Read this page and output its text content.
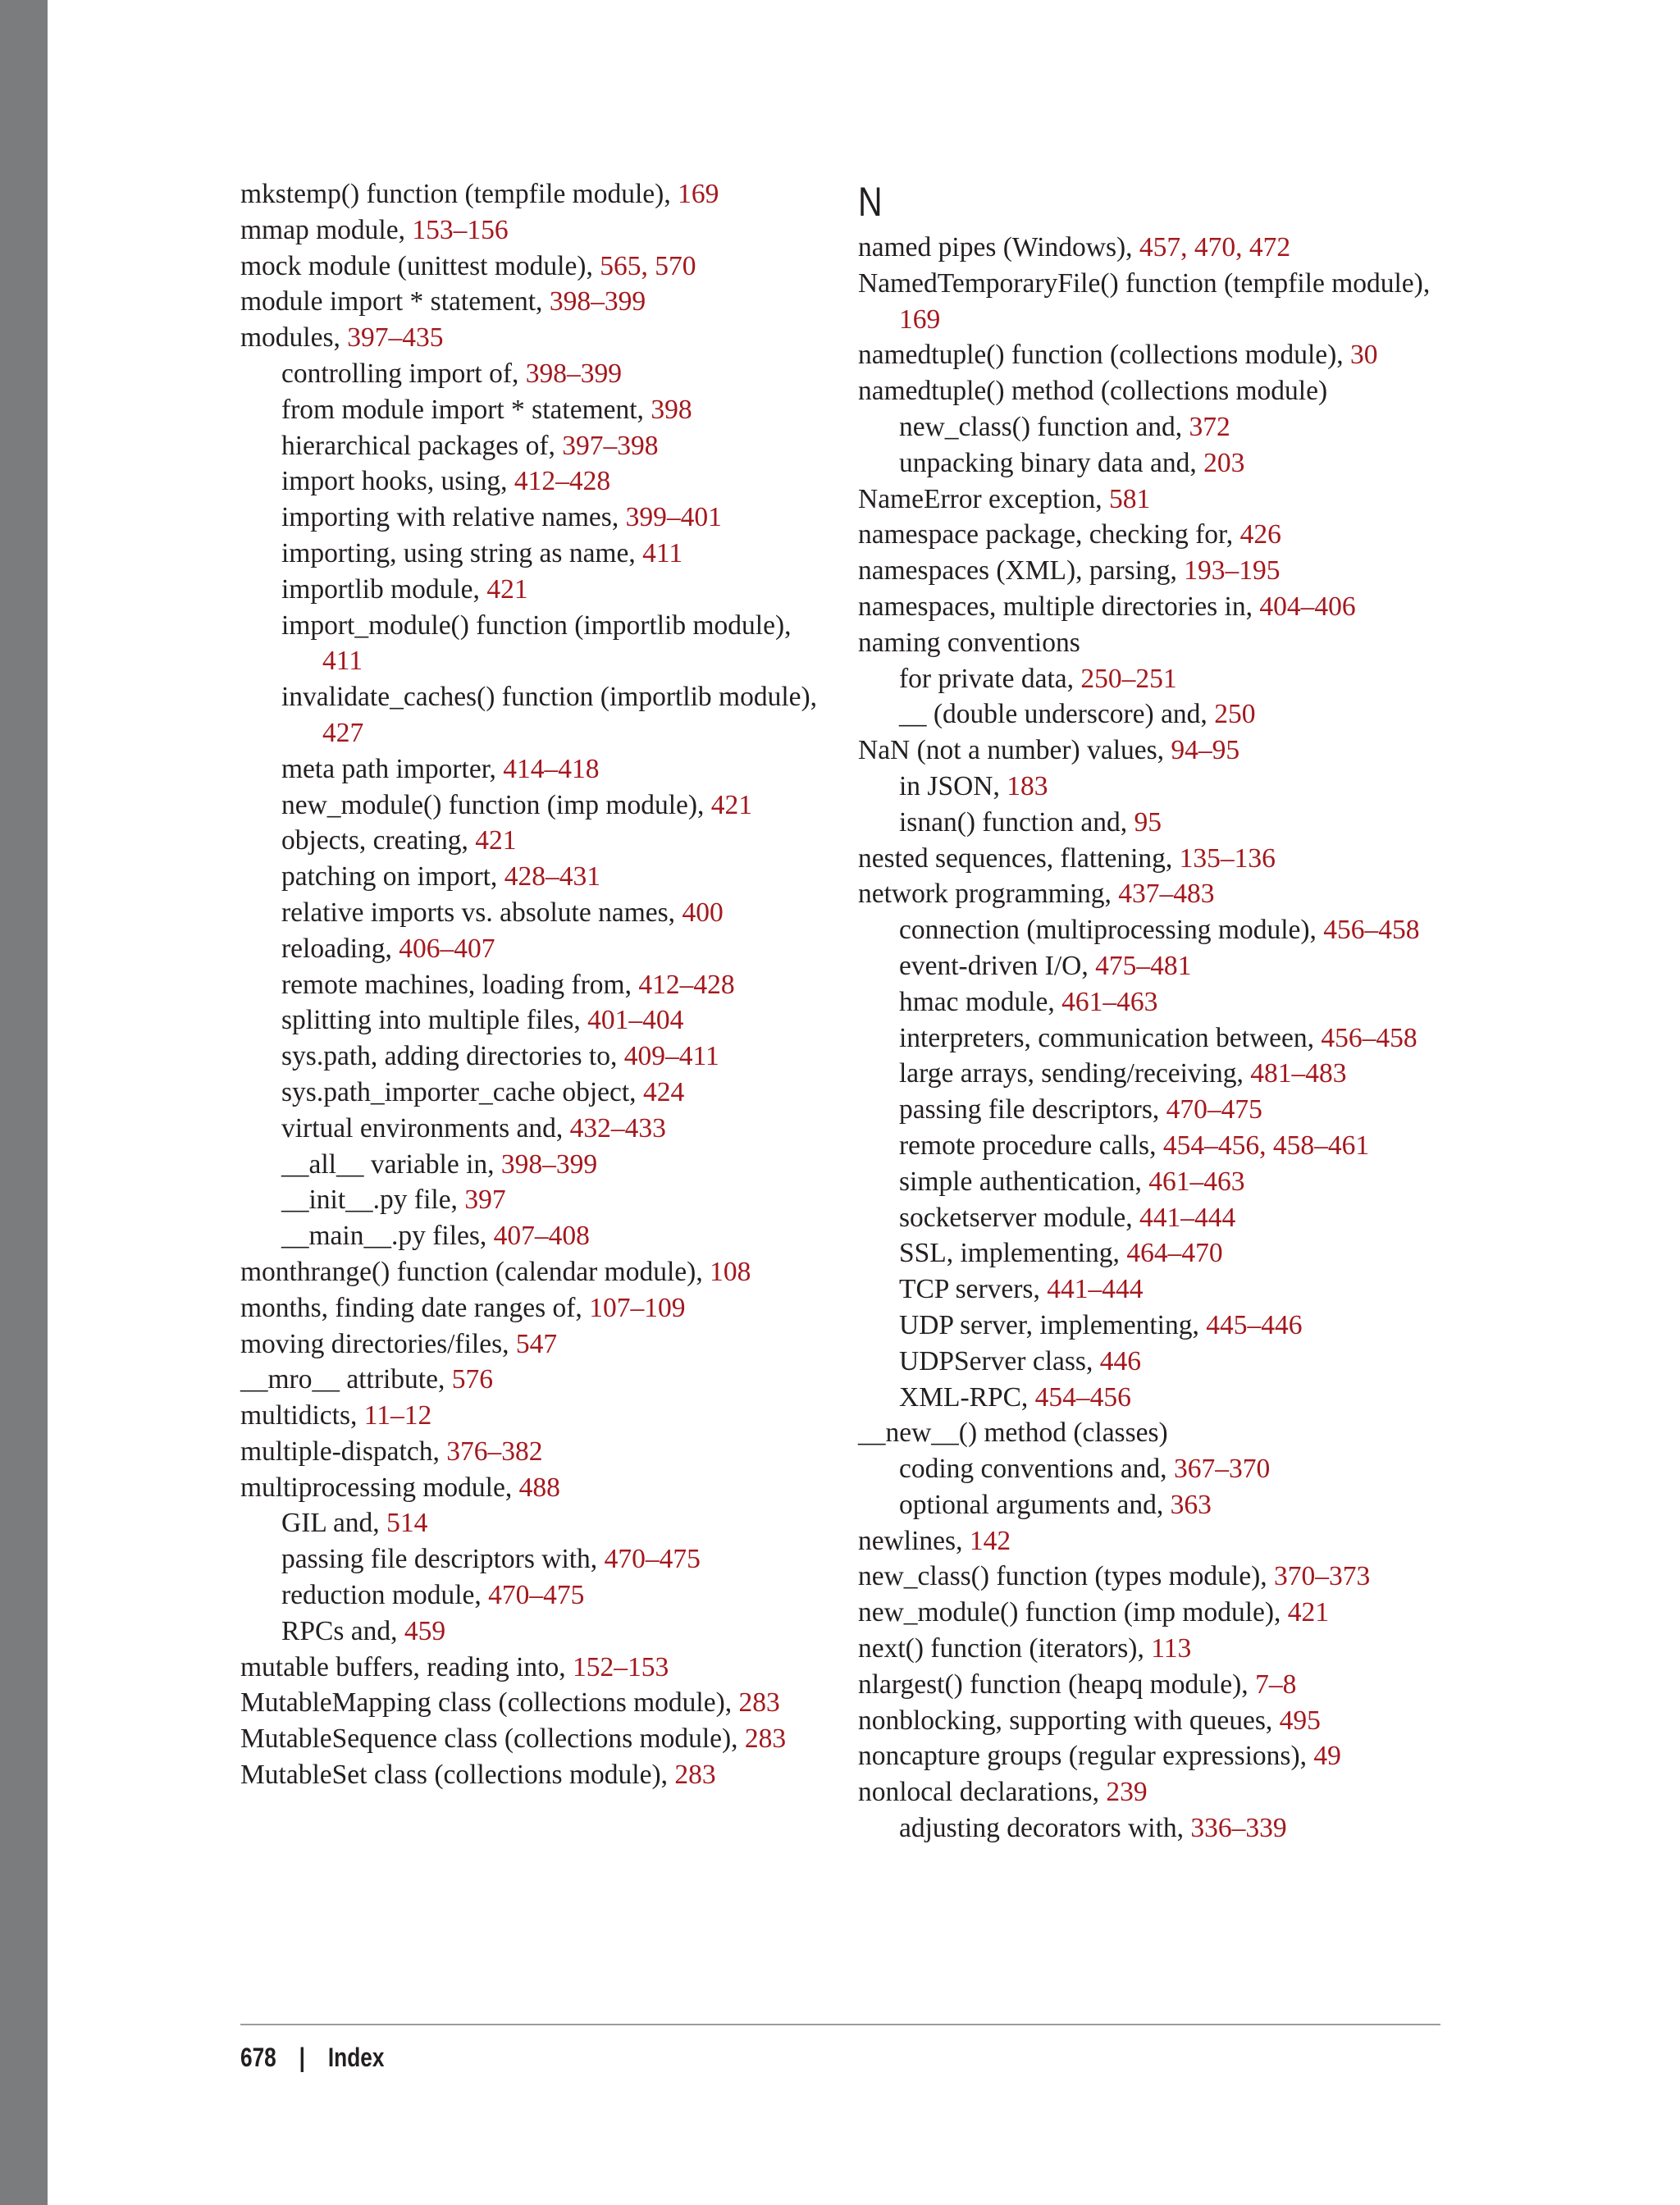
mkstemp() function (tempfile module), 169
mmap module, 153–156
mock module (unittest module), 565, 570
module import * statement, 398–399
modules, 397–435
controlling import of, 398–399
from module import * statement, 398
hierarchical packages of, 397–398
import hooks, using, 412–428
importing with relative names, 399–401
importing, using string as name, 411
importlib module, 421
import_module() function (importlib module), 411
invalidate_caches() function (importlib module), 427
meta path importer, 414–418
new_module() function (imp module), 421
objects, creating, 421
patching on import, 428–431
relative imports vs. absolute names, 400
reloading, 406–407
remote machines, loading from, 412–428
splitting into multiple files, 401–404
sys.path, adding directories to, 409–411
sys.path_importer_cache object, 424
virtual environments and, 432–433
__all__ variable in, 398–399
__init__.py file, 397
__main__.py files, 407–408
monthrange() function (calendar module), 108
months, finding date ranges of, 107–109
moving directories/files, 547
__mro__ attribute, 576
multidicts, 11–12
multiple-dispatch, 376–382
multiprocessing module, 488
GIL and, 514
passing file descriptors with, 470–475
reduction module, 470–475
RPCs and, 459
mutable buffers, reading into, 152–153
MutableMapping class (collections module), 283
MutableSequence class (collections module), 283
MutableSet class (collections module), 283
N
named pipes (Windows), 457, 470, 472
NamedTemporaryFile() function (tempfile module), 169
namedtuple() function (collections module), 30
namedtuple() method (collections module)
new_class() function and, 372
unpacking binary data and, 203
NameError exception, 581
namespace package, checking for, 426
namespaces (XML), parsing, 193–195
namespaces, multiple directories in, 404–406
naming conventions
for private data, 250–251
__ (double underscore) and, 250
NaN (not a number) values, 94–95
in JSON, 183
isnan() function and, 95
nested sequences, flattening, 135–136
network programming, 437–483
connection (multiprocessing module), 456–458
event-driven I/O, 475–481
hmac module, 461–463
interpreters, communication between, 456–458
large arrays, sending/receiving, 481–483
passing file descriptors, 470–475
remote procedure calls, 454–456, 458–461
simple authentication, 461–463
socketserver module, 441–444
SSL, implementing, 464–470
TCP servers, 441–444
UDP server, implementing, 445–446
UDPServer class, 446
XML-RPC, 454–456
__new__() method (classes)
coding conventions and, 367–370
optional arguments and, 363
newlines, 142
new_class() function (types module), 370–373
new_module() function (imp module), 421
next() function (iterators), 113
nlargest() function (heapq module), 7–8
nonblocking, supporting with queues, 495
noncapture groups (regular expressions), 49
nonlocal declarations, 239
adjusting decorators with, 336–339
678 | Index
